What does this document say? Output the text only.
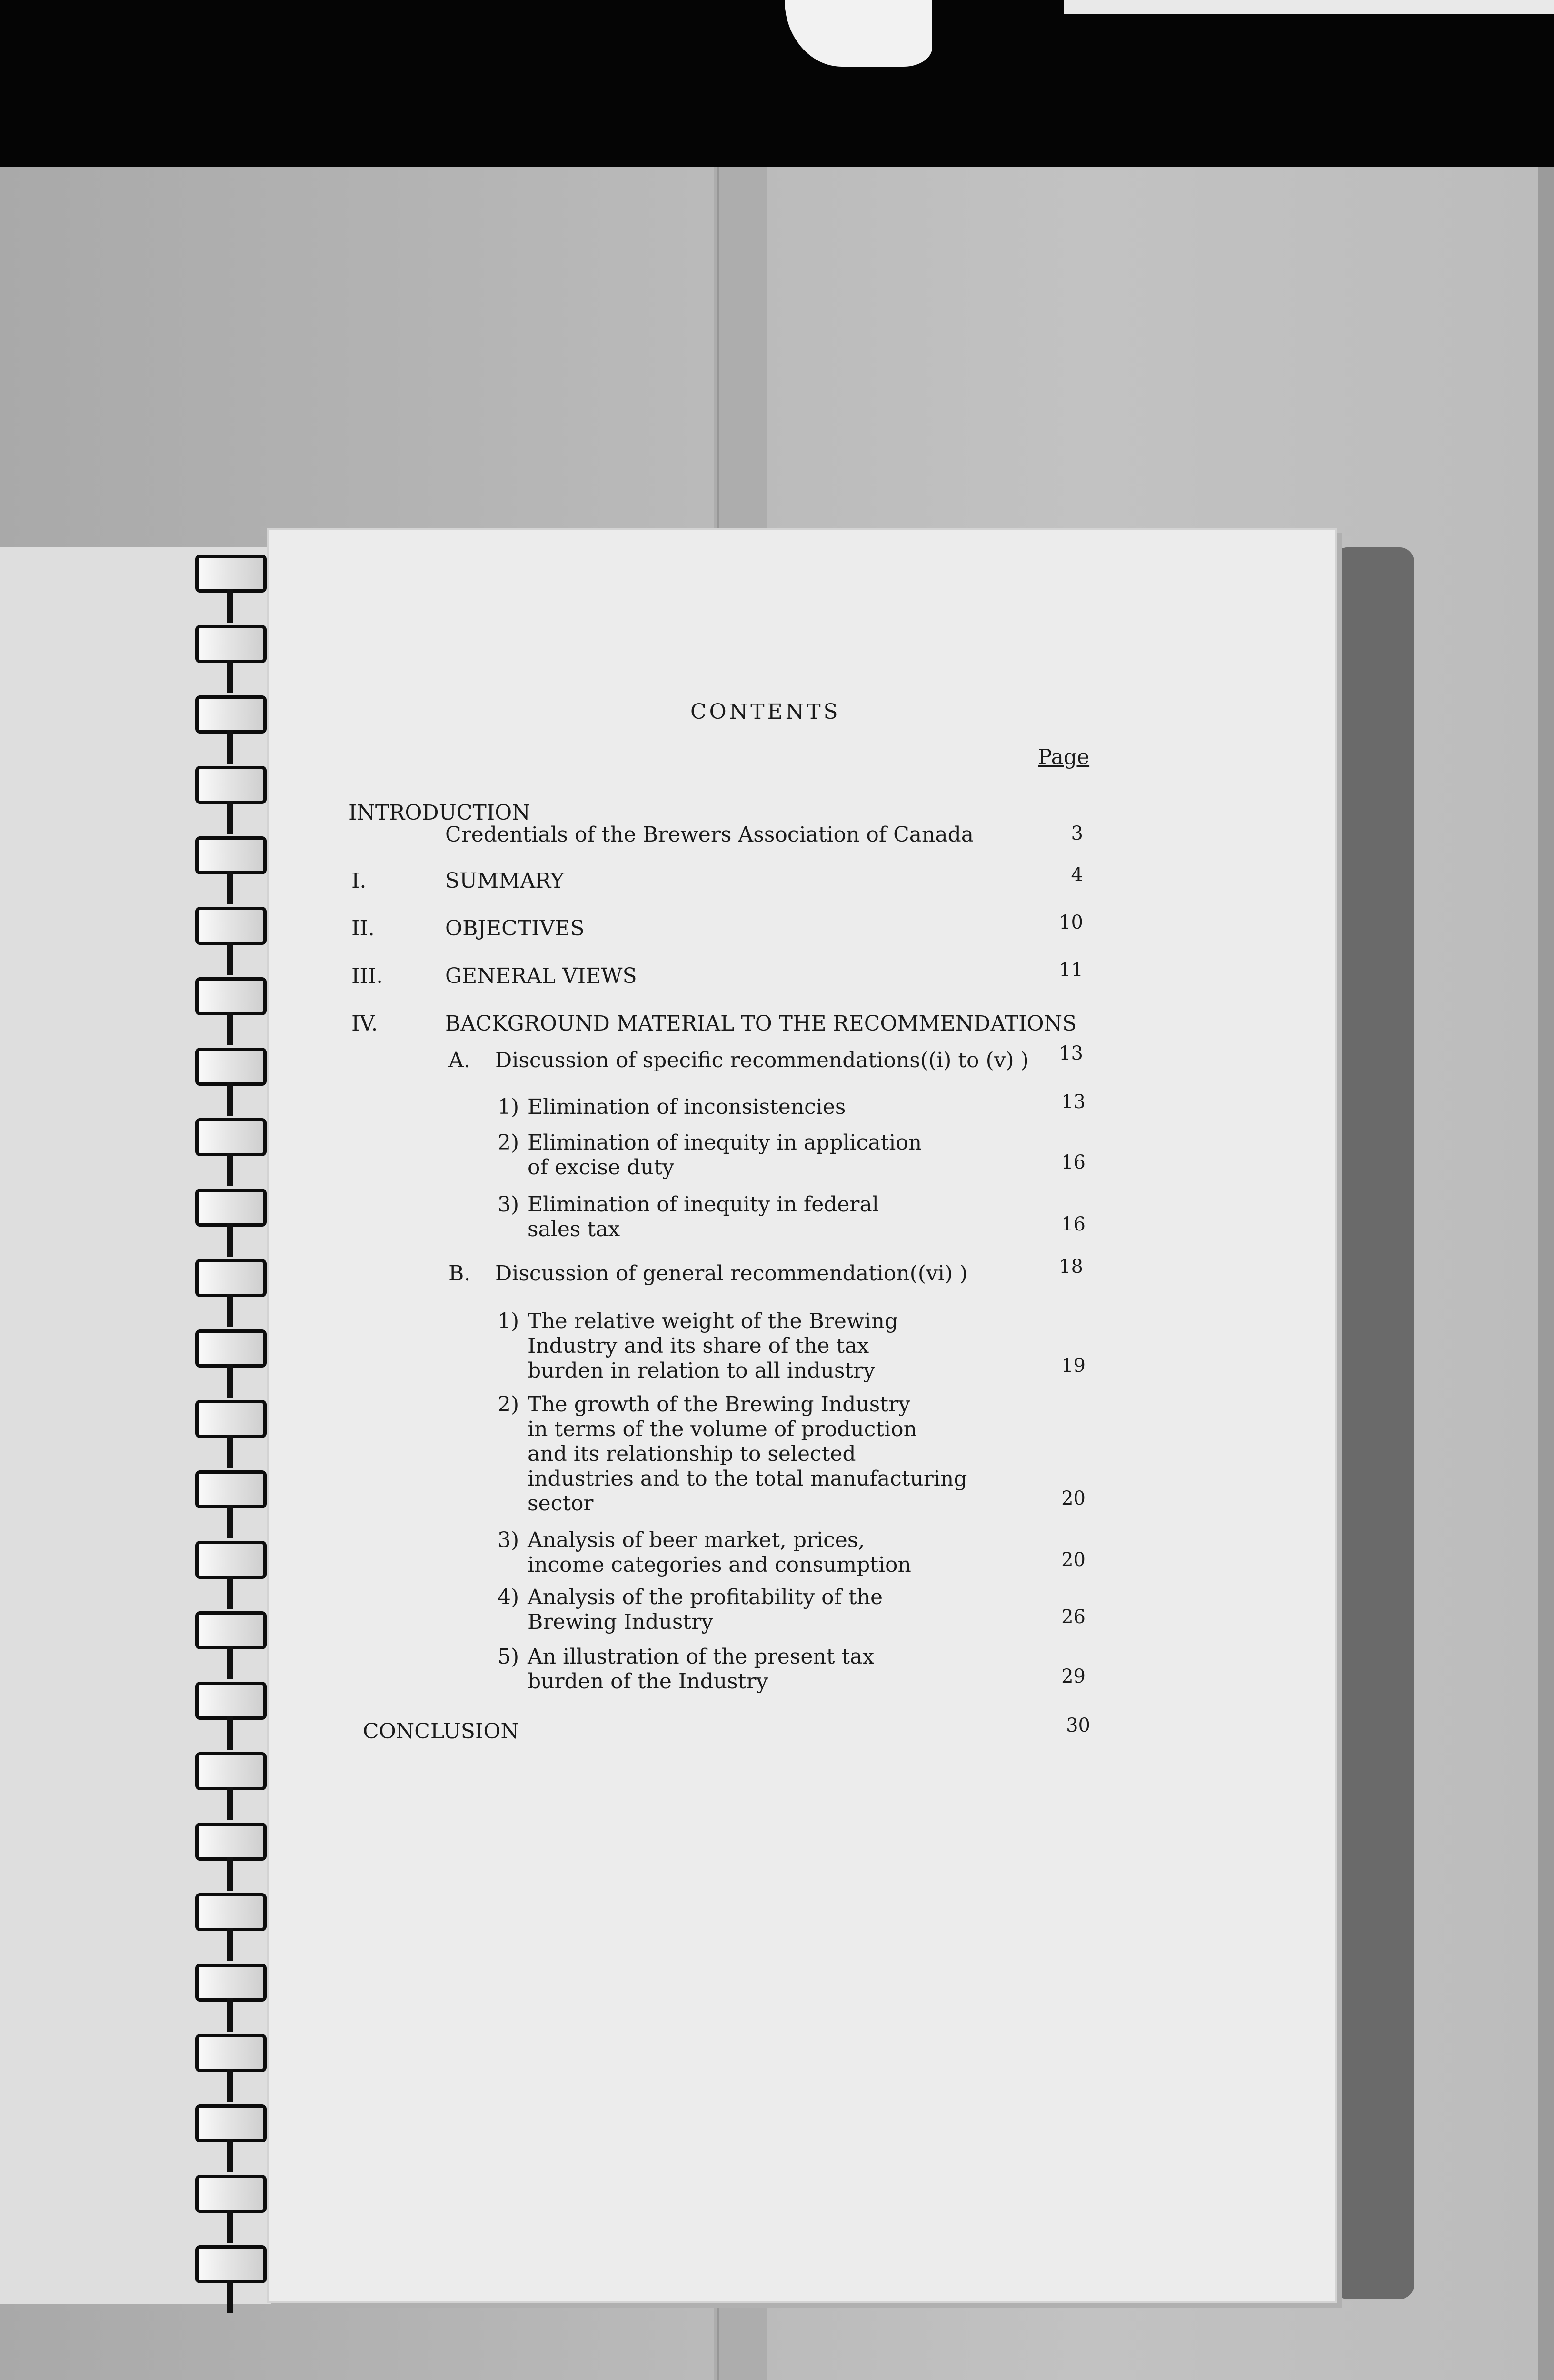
CONTENTS
Page
INTRODUCTION
Credentials of the Brewers Association of Canada	3
I.	SUMMARY	4
II.	OBJECTIVES	10
III.	GENERAL VIEWS	11
IV.	BACKGROUND MATERIAL TO THE RECOMMENDATIONS
A. Discussion of specific recommendations((i) to (v) )	13
1) Elimination of inconsistencies	13
2) Elimination of inequity in application
of excise duty	16
3) Elimination of inequity in federal
sales tax	16
B. Discussion of general recommendation((vi) )	18
1) The relative weight of the Brewing
Industry and its share of the tax
burden in relation to all industry	19
2) The growth of the Brewing Industry
in terms of the volume of production
and its relationship to selected
industries and to the total manufacturing
sector	20
3) Analysis of beer market, prices,
income categories and consumption	20
4) Analysis of the profitability of the
Brewing Industry	26
5) An illustration of the present tax
burden of the Industry	29
CONCLUSION	30
